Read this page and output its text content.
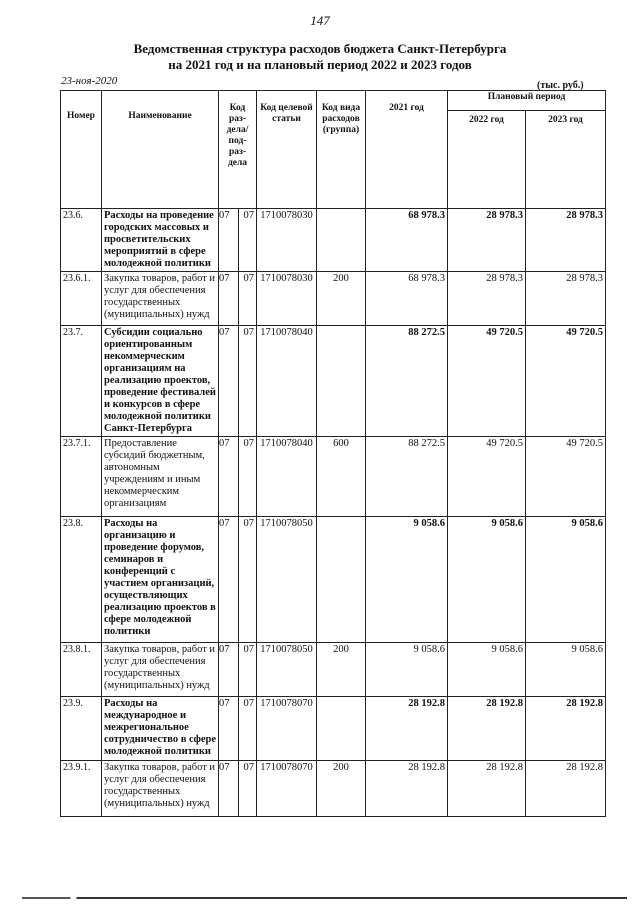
147
Ведомственная структура расходов бюджета Санкт-Петербурга
на 2021 год и на плановый период 2022 и 2023 годов
23-ноя-2020	(тыс. руб.)
Номер	Наименование	Код раз-дела/ под-раз-дела		Код целевой статьи	Код вида расходов (группа)	2021 год	Плановый период	
							2022 год	2023 год
23.6.	Расходы на проведение городских массовых и просветительских мероприятий в сфере молодежной политики	07	07	1710078030		68 978.3	28 978.3	28 978.3
23.6.1.	Закупка товаров, работ и услуг для обеспечения государственных (муниципальных) нужд	07	07	1710078030	200	68 978.3	28 978.3	28 978.3
23.7.	Субсидии социально ориентированным некоммерческим организациям на реализацию проектов, проведение фестивалей и конкурсов в сфере молодежной политики Санкт-Петербурга	07	07	1710078040		88 272.5	49 720.5	49 720.5
23.7.1.	Предоставление субсидий бюджетным, автономным учреждениям и иным некоммерческим организациям	07	07	1710078040	600	88 272.5	49 720.5	49 720.5
23.8.	Расходы на организацию и проведение форумов, семинаров и конференций с участием организаций, осуществляющих реализацию проектов в сфере молодежной политики	07	07	1710078050		9 058.6	9 058.6	9 058.6
23.8.1.	Закупка товаров, работ и услуг для обеспечения государственных (муниципальных) нужд	07	07	1710078050	200	9 058.6	9 058.6	9 058.6
23.9.	Расходы на международное и межрегиональное сотрудничество в сфере молодежной политики	07	07	1710078070		28 192.8	28 192.8	28 192.8
23.9.1.	Закупка товаров, работ и услуг для обеспечения государственных (муниципальных) нужд	07	07	1710078070	200	28 192.8	28 192.8	28 192.8
